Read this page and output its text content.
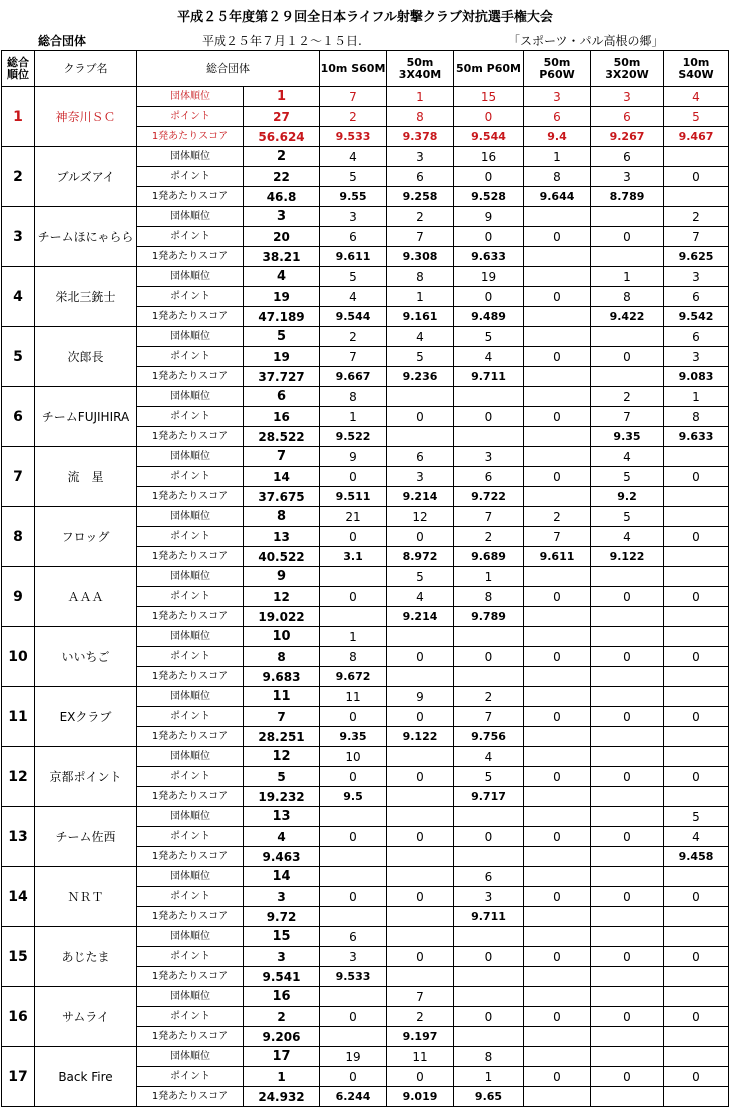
平成２５年度第２９回全日本ライフル射撃クラブ対抗選手権大会
総合団体	平成２５年７月１２～１５日.	「スポーツ・パル高根の郷」
総合順位	クラブ名	総合団体		10m S60M	50m 3X40M	50m P60M	50m P60W	50m 3X20W	10m S40W
1	神奈川ＳＣ	団体順位	1	7	1	15	3	3	4
		ポイント	27	2	8	0	6	6	5
		1発あたりスコア	56.624	9.533	9.378	9.544	9.4	9.267	9.467
2	ブルズアイ	団体順位	2	4	3	16	1	6	
		ポイント	22	5	6	0	8	3	0
		1発あたりスコア	46.8	9.55	9.258	9.528	9.644	8.789	
3	チームほにゃらら	団体順位	3	3	2	9			2
		ポイント	20	6	7	0	0	0	7
		1発あたりスコア	38.21	9.611	9.308	9.633			9.625
4	栄北三銃士	団体順位	4	5	8	19		1	3
		ポイント	19	4	1	0	0	8	6
		1発あたりスコア	47.189	9.544	9.161	9.489		9.422	9.542
5	次郎長	団体順位	5	2	4	5			6
		ポイント	19	7	5	4	0	0	3
		1発あたりスコア	37.727	9.667	9.236	9.711			9.083
6	チームFUJIHIRA	団体順位	6	8				2	1
		ポイント	16	1	0	0	0	7	8
		1発あたりスコア	28.522	9.522				9.35	9.633
7	流　星	団体順位	7	9	6	3		4	
		ポイント	14	0	3	6	0	5	0
		1発あたりスコア	37.675	9.511	9.214	9.722		9.2	
8	フロッグ	団体順位	8	21	12	7	2	5	
		ポイント	13	0	0	2	7	4	0
		1発あたりスコア	40.522	3.1	8.972	9.689	9.611	9.122	
9	ＡＡＡ	団体順位	9		5	1			
		ポイント	12	0	4	8	0	0	0
		1発あたりスコア	19.022		9.214	9.789			
10	いいちご	団体順位	10	1					
		ポイント	8	8	0	0	0	0	0
		1発あたりスコア	9.683	9.672					
11	EXクラブ	団体順位	11	11	9	2			
		ポイント	7	0	0	7	0	0	0
		1発あたりスコア	28.251	9.35	9.122	9.756			
12	京都ポイント	団体順位	12	10		4			
		ポイント	5	0	0	5	0	0	0
		1発あたりスコア	19.232	9.5		9.717			
13	チーム佐西	団体順位	13						5
		ポイント	4	0	0	0	0	0	4
		1発あたりスコア	9.463						9.458
14	ＮＲＴ	団体順位	14			6			
		ポイント	3	0	0	3	0	0	0
		1発あたりスコア	9.72			9.711			
15	あじたま	団体順位	15	6					
		ポイント	3	3	0	0	0	0	0
		1発あたりスコア	9.541	9.533					
16	サムライ	団体順位	16		7				
		ポイント	2	0	2	0	0	0	0
		1発あたりスコア	9.206		9.197				
17	Back Fire	団体順位	17	19	11	8			
		ポイント	1	0	0	1	0	0	0
		1発あたりスコア	24.932	6.244	9.019	9.65			
